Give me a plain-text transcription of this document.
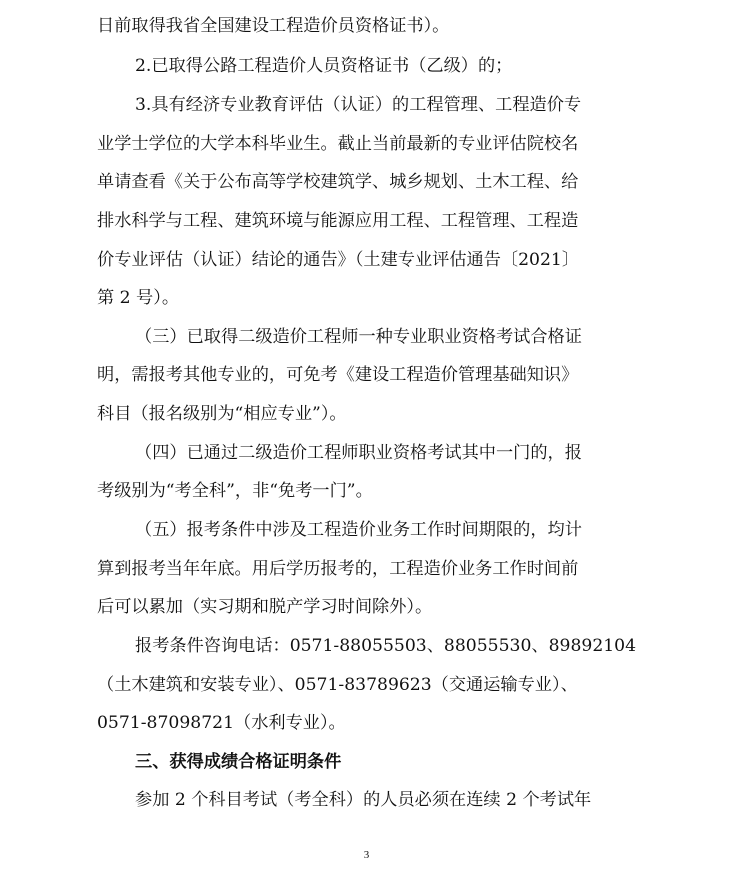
日前取得我省全国建设工程造价员资格证书）。
2.已取得公路工程造价人员资格证书（乙级）的；
3.具有经济专业教育评估（认证）的工程管理、工程造价专
业学士学位的大学本科毕业生。截止当前最新的专业评估院校名
单请查看《关于公布高等学校建筑学、城乡规划、土木工程、给
排水科学与工程、建筑环境与能源应用工程、工程管理、工程造
价专业评估（认证）结论的通告》（土建专业评估通告〔2021〕
第 2 号）。
（三）已取得二级造价工程师一种专业职业资格考试合格证
明，需报考其他专业的，可免考《建设工程造价管理基础知识》
科目（报名级别为“相应专业”）。
（四）已通过二级造价工程师职业资格考试其中一门的，报
考级别为“考全科”，非“免考一门”。
（五）报考条件中涉及工程造价业务工作时间期限的，均计
算到报考当年年底。用后学历报考的，工程造价业务工作时间前
后可以累加（实习期和脱产学习时间除外）。
报考条件咨询电话：0571-88055503、88055530、89892104
（土木建筑和安装专业）、0571-83789623（交通运输专业）、
0571-87098721（水利专业）。
三、获得成绩合格证明条件
参加 2 个科目考试（考全科）的人员必须在连续 2 个考试年
3
